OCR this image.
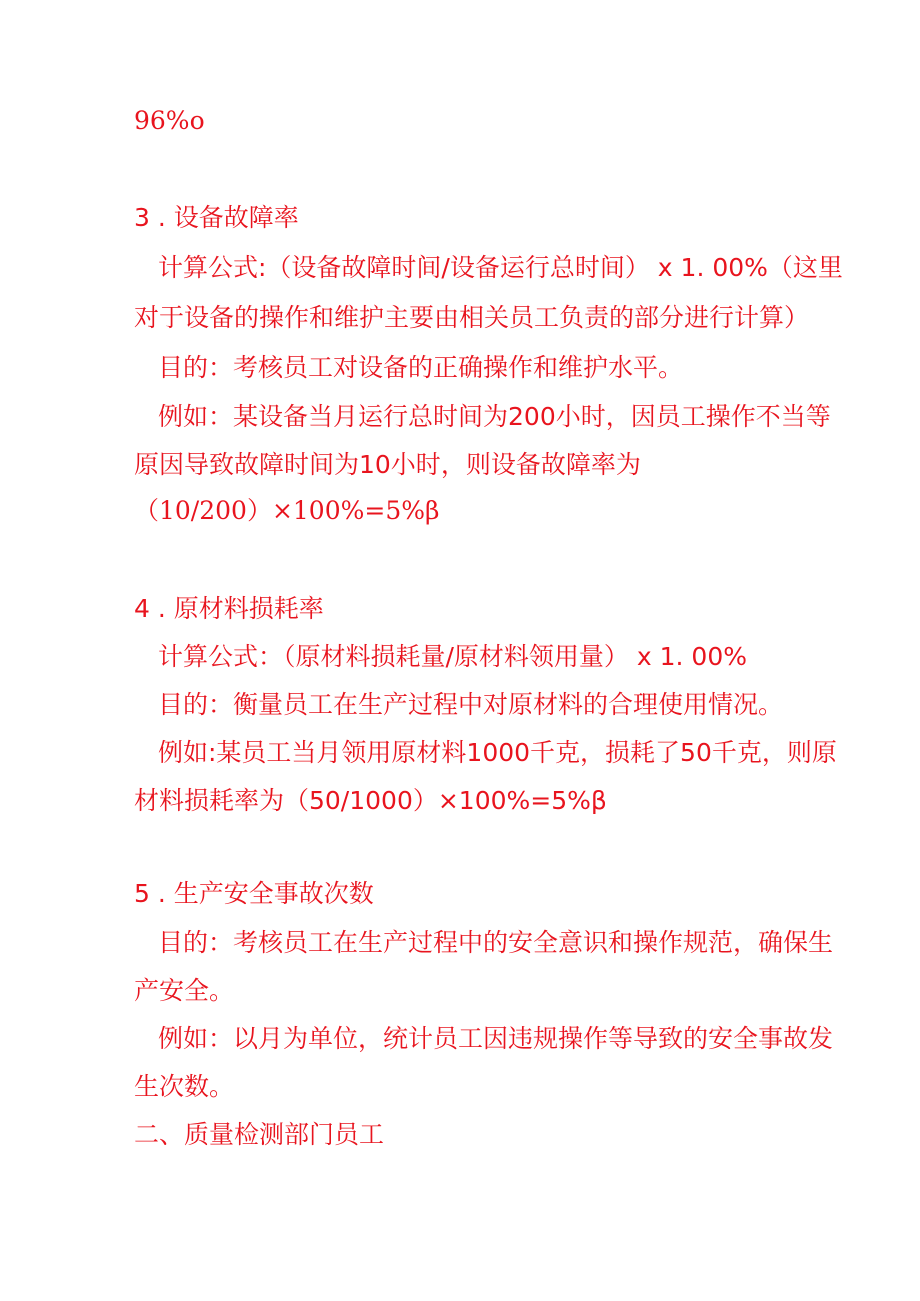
96%o
3 . 设备故障率
计算公式:（设备故障时间/设备运行总时间） x 1. 00%（这里
对于设备的操作和维护主要由相关员工负责的部分进行计算）
目的：考核员工对设备的正确操作和维护水平。
例如：某设备当月运行总时间为200小时，因员工操作不当等
原因导致故障时间为10小时，则设备故障率为
（10/200）×100%=5%β
4 . 原材料损耗率
计算公式：（原材料损耗量/原材料领用量） x 1. 00%
目的：衡量员工在生产过程中对原材料的合理使用情况。
例如:某员工当月领用原材料1000千克，损耗了50千克，则原
材料损耗率为（50/1000）×100%=5%β
5 . 生产安全事故次数
目的：考核员工在生产过程中的安全意识和操作规范，确保生
产安全。
例如：以月为单位，统计员工因违规操作等导致的安全事故发
生次数。
二、质量检测部门员工
